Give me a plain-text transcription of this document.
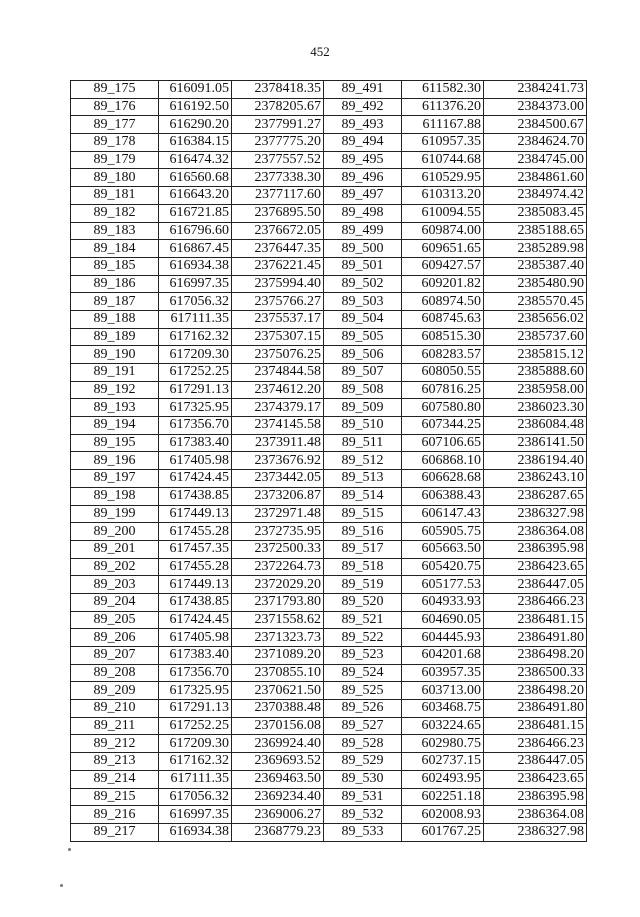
452
89_175	616091.05	2378418.35	89_491	611582.30	2384241.73
89_176	616192.50	2378205.67	89_492	611376.20	2384373.00
89_177	616290.20	2377991.27	89_493	611167.88	2384500.67
89_178	616384.15	2377775.20	89_494	610957.35	2384624.70
89_179	616474.32	2377557.52	89_495	610744.68	2384745.00
89_180	616560.68	2377338.30	89_496	610529.95	2384861.60
89_181	616643.20	2377117.60	89_497	610313.20	2384974.42
89_182	616721.85	2376895.50	89_498	610094.55	2385083.45
89_183	616796.60	2376672.05	89_499	609874.00	2385188.65
89_184	616867.45	2376447.35	89_500	609651.65	2385289.98
89_185	616934.38	2376221.45	89_501	609427.57	2385387.40
89_186	616997.35	2375994.40	89_502	609201.82	2385480.90
89_187	617056.32	2375766.27	89_503	608974.50	2385570.45
89_188	617111.35	2375537.17	89_504	608745.63	2385656.02
89_189	617162.32	2375307.15	89_505	608515.30	2385737.60
89_190	617209.30	2375076.25	89_506	608283.57	2385815.12
89_191	617252.25	2374844.58	89_507	608050.55	2385888.60
89_192	617291.13	2374612.20	89_508	607816.25	2385958.00
89_193	617325.95	2374379.17	89_509	607580.80	2386023.30
89_194	617356.70	2374145.58	89_510	607344.25	2386084.48
89_195	617383.40	2373911.48	89_511	607106.65	2386141.50
89_196	617405.98	2373676.92	89_512	606868.10	2386194.40
89_197	617424.45	2373442.05	89_513	606628.68	2386243.10
89_198	617438.85	2373206.87	89_514	606388.43	2386287.65
89_199	617449.13	2372971.48	89_515	606147.43	2386327.98
89_200	617455.28	2372735.95	89_516	605905.75	2386364.08
89_201	617457.35	2372500.33	89_517	605663.50	2386395.98
89_202	617455.28	2372264.73	89_518	605420.75	2386423.65
89_203	617449.13	2372029.20	89_519	605177.53	2386447.05
89_204	617438.85	2371793.80	89_520	604933.93	2386466.23
89_205	617424.45	2371558.62	89_521	604690.05	2386481.15
89_206	617405.98	2371323.73	89_522	604445.93	2386491.80
89_207	617383.40	2371089.20	89_523	604201.68	2386498.20
89_208	617356.70	2370855.10	89_524	603957.35	2386500.33
89_209	617325.95	2370621.50	89_525	603713.00	2386498.20
89_210	617291.13	2370388.48	89_526	603468.75	2386491.80
89_211	617252.25	2370156.08	89_527	603224.65	2386481.15
89_212	617209.30	2369924.40	89_528	602980.75	2386466.23
89_213	617162.32	2369693.52	89_529	602737.15	2386447.05
89_214	617111.35	2369463.50	89_530	602493.95	2386423.65
89_215	617056.32	2369234.40	89_531	602251.18	2386395.98
89_216	616997.35	2369006.27	89_532	602008.93	2386364.08
89_217	616934.38	2368779.23	89_533	601767.25	2386327.98
